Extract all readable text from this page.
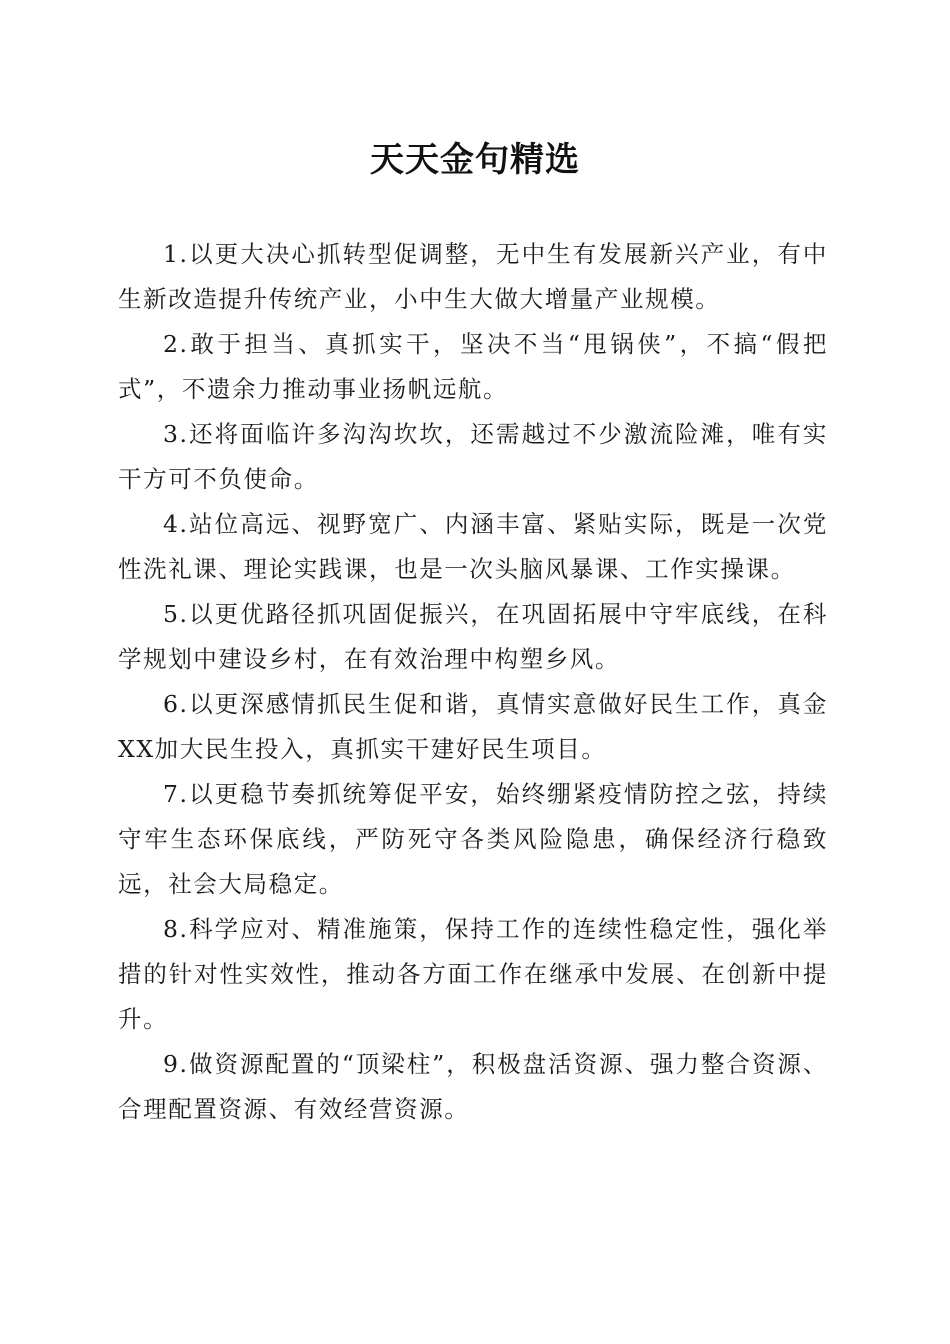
天天金句精选

1.以更大决心抓转型促调整，无中生有发展新兴产业，有中生新改造提升传统产业，小中生大做大增量产业规模。

2.敢于担当、真抓实干，坚决不当“甩锅侠”，不搞“假把式”，不遗余力推动事业扬帆远航。

3.还将面临许多沟沟坎坎，还需越过不少激流险滩，唯有实干方可不负使命。

4.站位高远、视野宽广、内涵丰富、紧贴实际，既是一次党性洗礼课、理论实践课，也是一次头脑风暴课、工作实操课。

5.以更优路径抓巩固促振兴，在巩固拓展中守牢底线，在科学规划中建设乡村，在有效治理中构塑乡风。

6.以更深感情抓民生促和谐，真情实意做好民生工作，真金XX加大民生投入，真抓实干建好民生项目。

7.以更稳节奏抓统筹促平安，始终绷紧疫情防控之弦，持续守牢生态环保底线，严防死守各类风险隐患，确保经济行稳致远，社会大局稳定。

8.科学应对、精准施策，保持工作的连续性稳定性，强化举措的针对性实效性，推动各方面工作在继承中发展、在创新中提升。

9.做资源配置的“顶梁柱”，积极盘活资源、强力整合资源、合理配置资源、有效经营资源。
